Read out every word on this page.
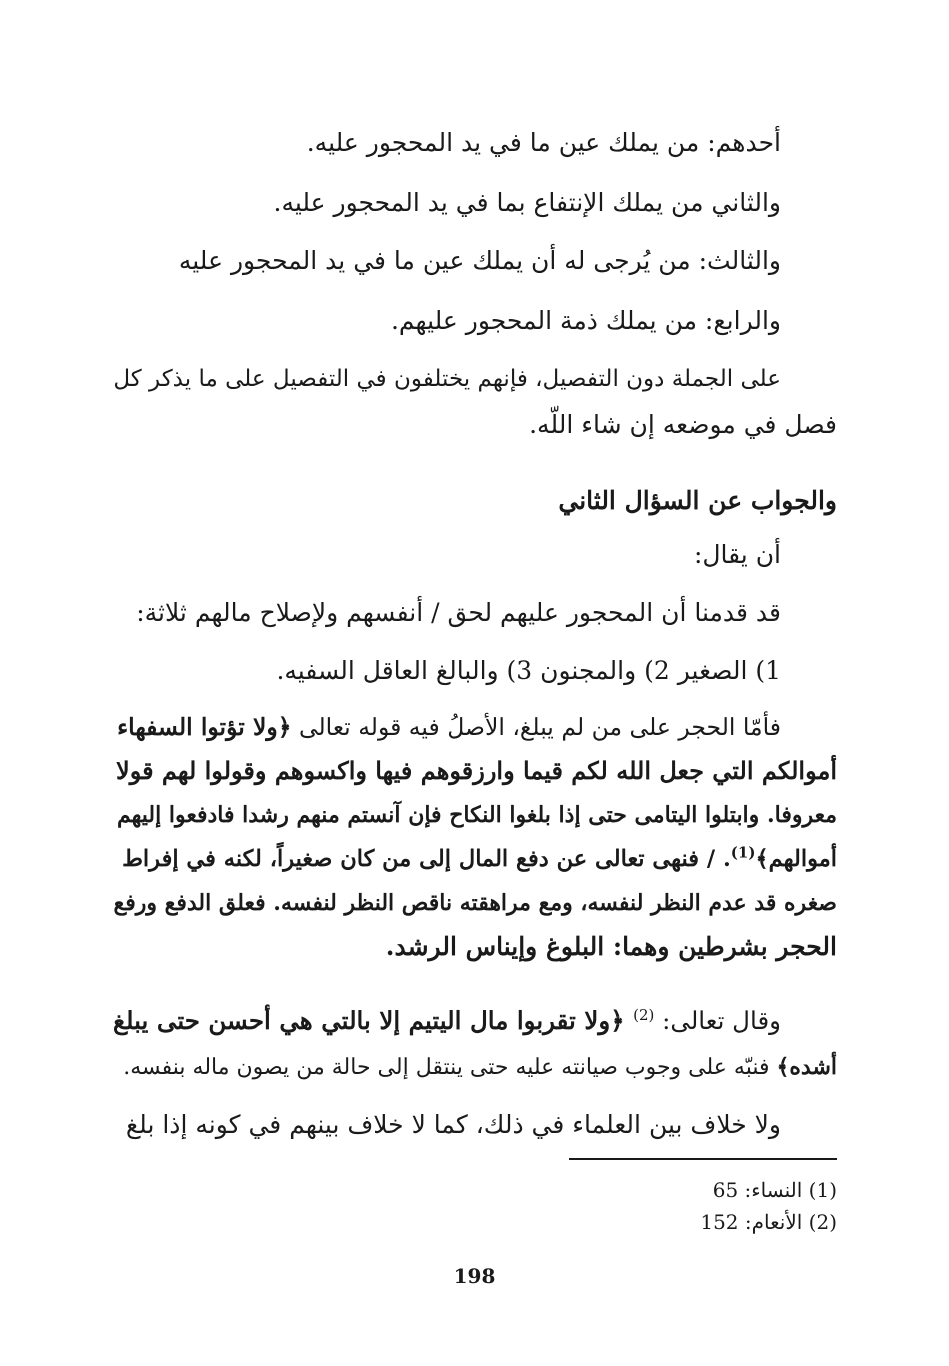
أحدهم: من يملك عين ما في يد المحجور عليه.
والثاني من يملك الإنتفاع بما في يد المحجور عليه.
والثالث: من يُرجى له أن يملك عين ما في يد المحجور عليه
والرابع: من يملك ذمة المحجور عليهم.
على الجملة دون التفصيل، فإنهم يختلفون في التفصيل على ما يذكر كل
فصل في موضعه إن شاء اللّه.
والجواب عن السؤال الثاني
أن يقال:
قد قدمنا أن المحجور عليهم لحق / أنفسهم ولإصلاح مالهم ثلاثة:
1) الصغير 2) والمجنون 3) والبالغ العاقل السفيه.
فأمّا الحجر على من لم يبلغ، الأصلُ فيه قوله تعالى ﴿ولا تؤتوا السفهاء
أموالكم التي جعل الله لكم قيما وارزقوهم فيها واكسوهم وقولوا لهم قولا
معروفا. وابتلوا اليتامى حتى إذا بلغوا النكاح فإن آنستم منهم رشدا فادفعوا إليهم
أموالهم﴾$^{(1)}$. / فنهى تعالى عن دفع المال إلى من كان صغيراً، لكنه في إفراط
صغره قد عدم النظر لنفسه، ومع مراهقته ناقص النظر لنفسه. فعلق الدفع ورفع
الحجر بشرطين وهما: البلوغ وإيناس الرشد.
وقال تعالى: $^{(2)}$ ﴿ولا تقربوا مال اليتيم إلا بالتي هي أحسن حتى يبلغ
أشده﴾ فنبّه على وجوب صيانته عليه حتى ينتقل إلى حالة من يصون ماله بنفسه.
ولا خلاف بين العلماء في ذلك، كما لا خلاف بينهم في كونه إذا بلغ
(1) النساء: 65
(2) الأنعام: 152
198
